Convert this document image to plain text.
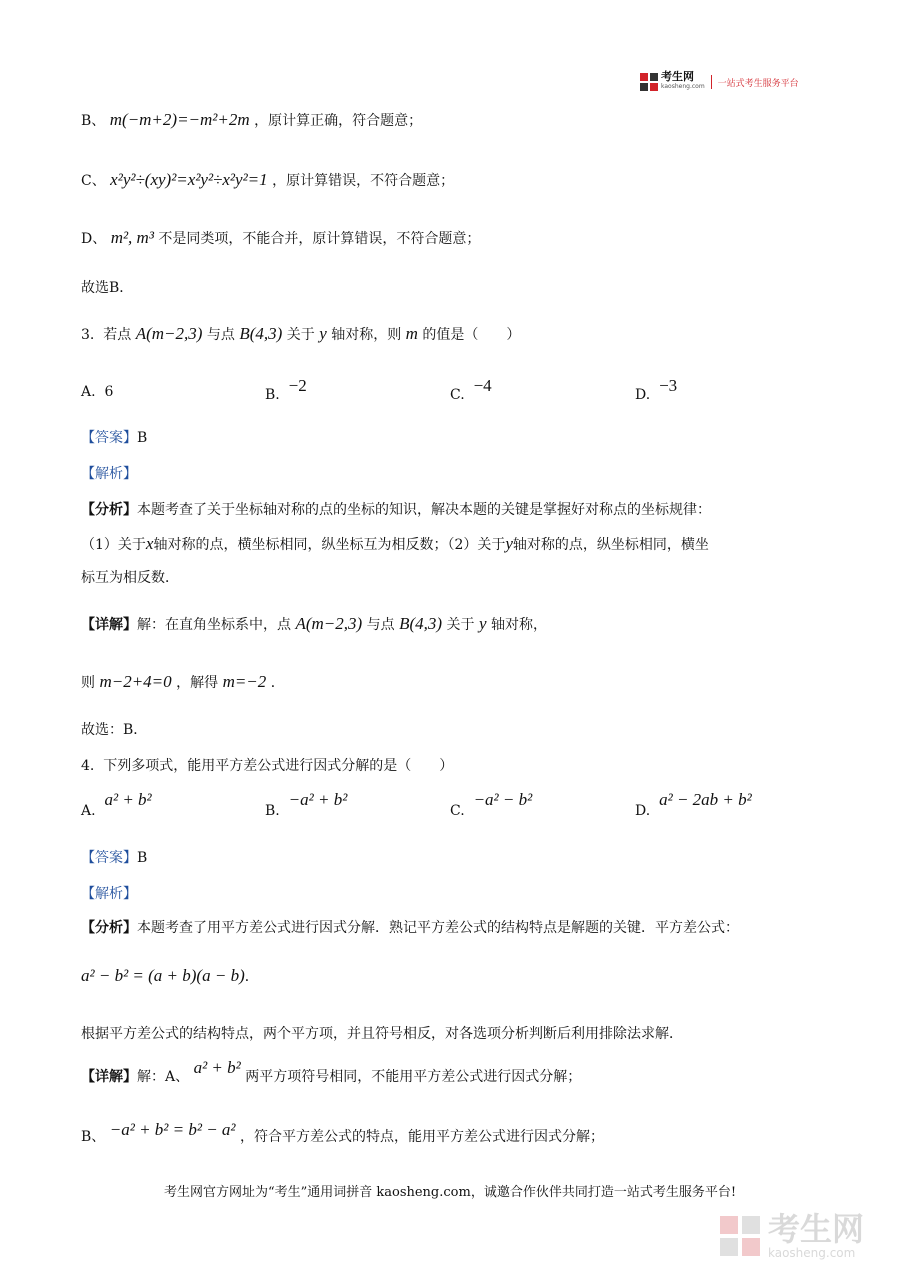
考生网
kaosheng.com 一站式考生服务平台
B、 m(−m+2)=−m²+2m ，原计算正确，符合题意；
C、 x²y²÷(xy)²=x²y²÷x²y²=1 ，原计算错误，不符合题意；
D、 m², m³ 不是同类项，不能合并，原计算错误，不符合题意；
故选B．
3. 若点 A(m−2,3) 与点 B(4,3) 关于 y 轴对称，则 m 的值是（　　）
A. 6	B. −2	C. −4	D. −3
【答案】B
【解析】
【分析】本题考查了关于坐标轴对称的点的坐标的知识，解决本题的关键是掌握好对称点的坐标规律：
（1）关于x轴对称的点，横坐标相同，纵坐标互为相反数；（2）关于y轴对称的点，纵坐标相同，横坐
标互为相反数．
【详解】解：在直角坐标系中，点 A(m−2,3) 与点 B(4,3) 关于 y 轴对称，
则 m−2+4=0 ，解得 m=−2 ．
故选：B．
4. 下列多项式，能用平方差公式进行因式分解的是（　　）
A.  a² + b²
B.  −a² + b²
C.  −a² − b²
D.  a² − 2ab + b²
【答案】B
【解析】
【分析】本题考查了用平方差公式进行因式分解．熟记平方差公式的结构特点是解题的关键．平方差公式：
a² − b² = (a + b)(a − b)．
根据平方差公式的结构特点，两个平方项，并且符号相反，对各选项分析判断后利用排除法求解．
【详解】解：A、 a² + b² 两平方项符号相同，不能用平方差公式进行因式分解；
B、 −a² + b² = b² − a² ，符合平方差公式的特点，能用平方差公式进行因式分解；
考生网官方网址为“考生”通用词拼音 kaosheng.com，诚邀合作伙伴共同打造一站式考生服务平台!
考生网
kaosheng.com
